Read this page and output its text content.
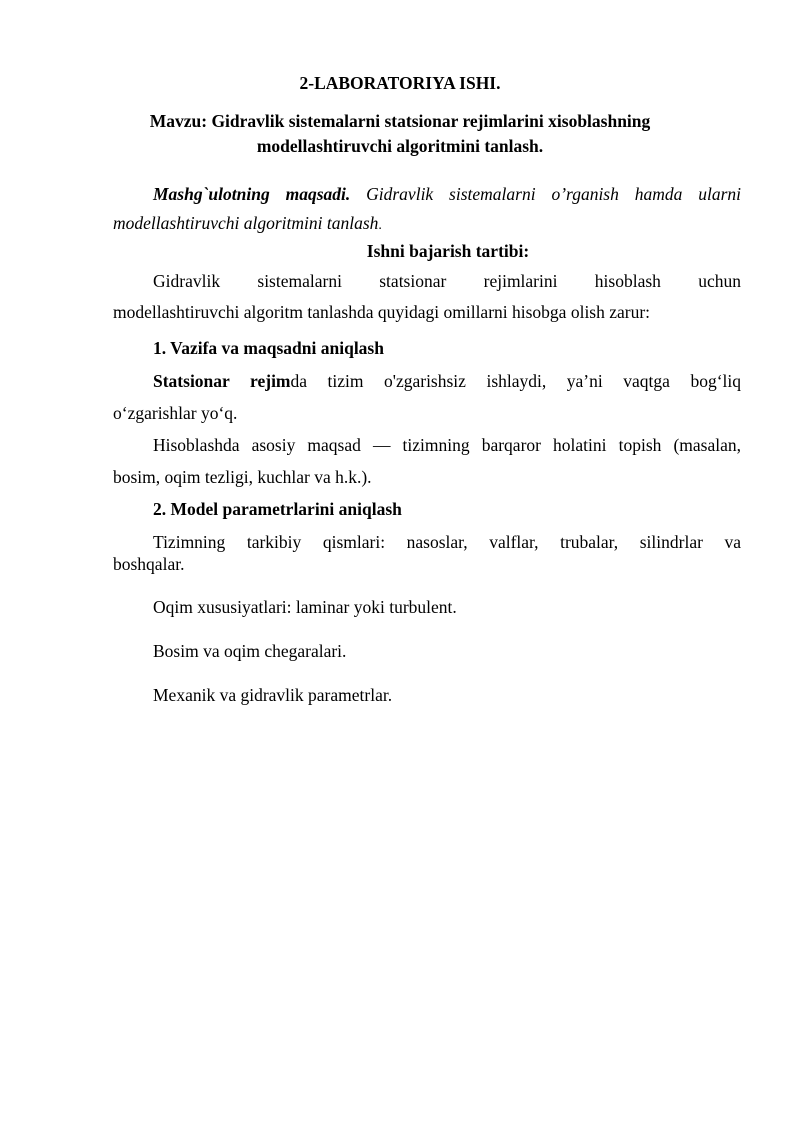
2-LABORATORIYA ISHI.
Mavzu: Gidravlik sistemalarni statsionar rejimlarini xisoblashning
modellashtiruvchi algoritmini tanlash.
Mashg`ulotning maqsadi. Gidravlik sistemalarni o’rganish hamda ularni
modellashtiruvchi algoritmini tanlash.
Ishni bajarish tartibi:
Gidravlik sistemalarni statsionar rejimlarini hisoblash uchun
modellashtiruvchi algoritm tanlashda quyidagi omillarni hisobga olish zarur:
1. Vazifa va maqsadni aniqlash
Statsionar rejimda tizim o'zgarishsiz ishlaydi, ya’ni vaqtga bog‘liq
o‘zgarishlar yo‘q.
Hisoblashda asosiy maqsad — tizimning barqaror holatini topish (masalan,
bosim, oqim tezligi, kuchlar va h.k.).
2. Model parametrlarini aniqlash
Tizimning tarkibiy qismlari: nasoslar, valflar, trubalar, silindrlar va
boshqalar.
Oqim xususiyatlari: laminar yoki turbulent.
Bosim va oqim chegaralari.
Mexanik va gidravlik parametrlar.
